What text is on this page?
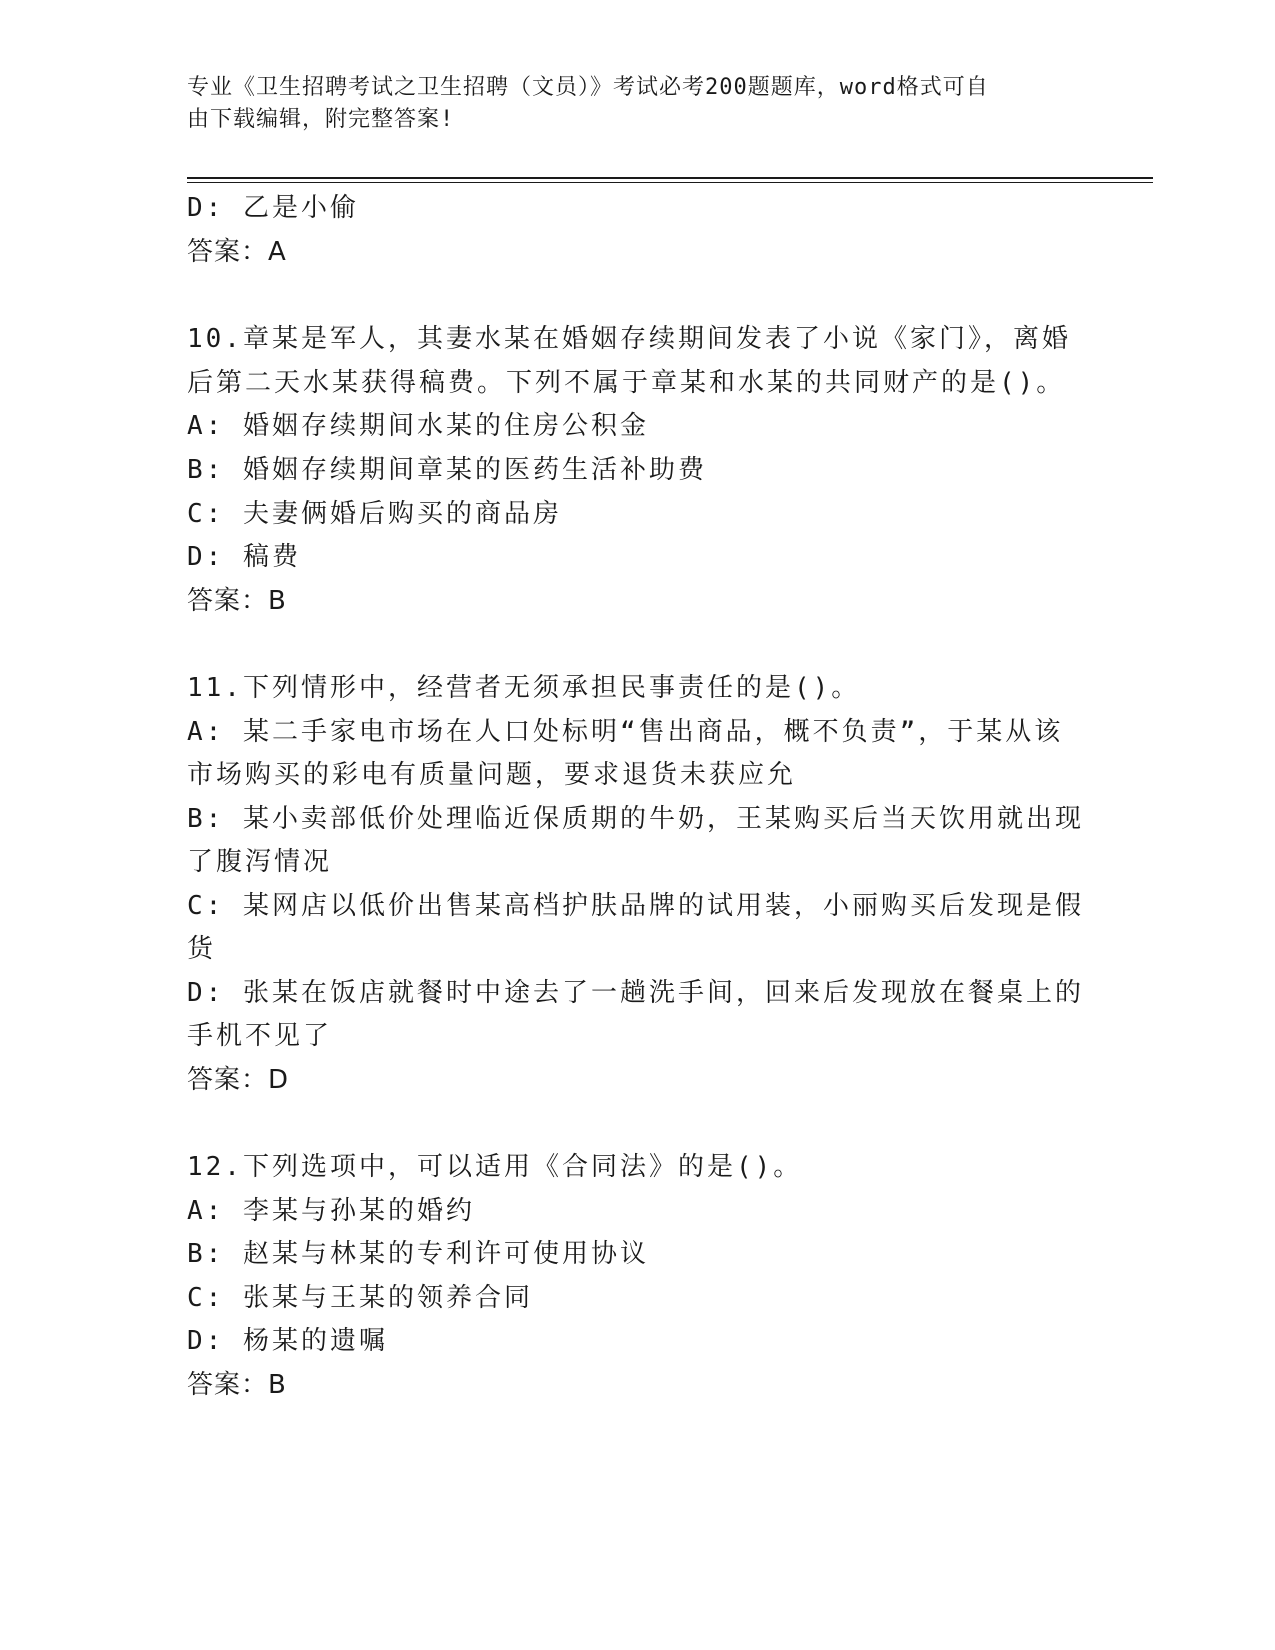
专业《卫生招聘考试之卫生招聘（文员）》考试必考200题题库，word格式可自
由下载编辑，附完整答案!
D: 乙是小偷
答案：A
10.章某是军人，其妻水某在婚姻存续期间发表了小说《家门》，离婚
后第二天水某获得稿费。下列不属于章某和水某的共同财产的是()。
A: 婚姻存续期间水某的住房公积金
B: 婚姻存续期间章某的医药生活补助费
C: 夫妻俩婚后购买的商品房
D: 稿费
答案：B
11.下列情形中，经营者无须承担民事责任的是()。
A: 某二手家电市场在人口处标明“售出商品，概不负责”，于某从该
市场购买的彩电有质量问题，要求退货未获应允
B: 某小卖部低价处理临近保质期的牛奶，王某购买后当天饮用就出现
了腹泻情况
C: 某网店以低价出售某高档护肤品牌的试用装，小丽购买后发现是假
货
D: 张某在饭店就餐时中途去了一趟洗手间，回来后发现放在餐桌上的
手机不见了
答案：D
12.下列选项中，可以适用《合同法》的是()。
A: 李某与孙某的婚约
B: 赵某与林某的专利许可使用协议
C: 张某与王某的领养合同
D: 杨某的遗嘱
答案：B
